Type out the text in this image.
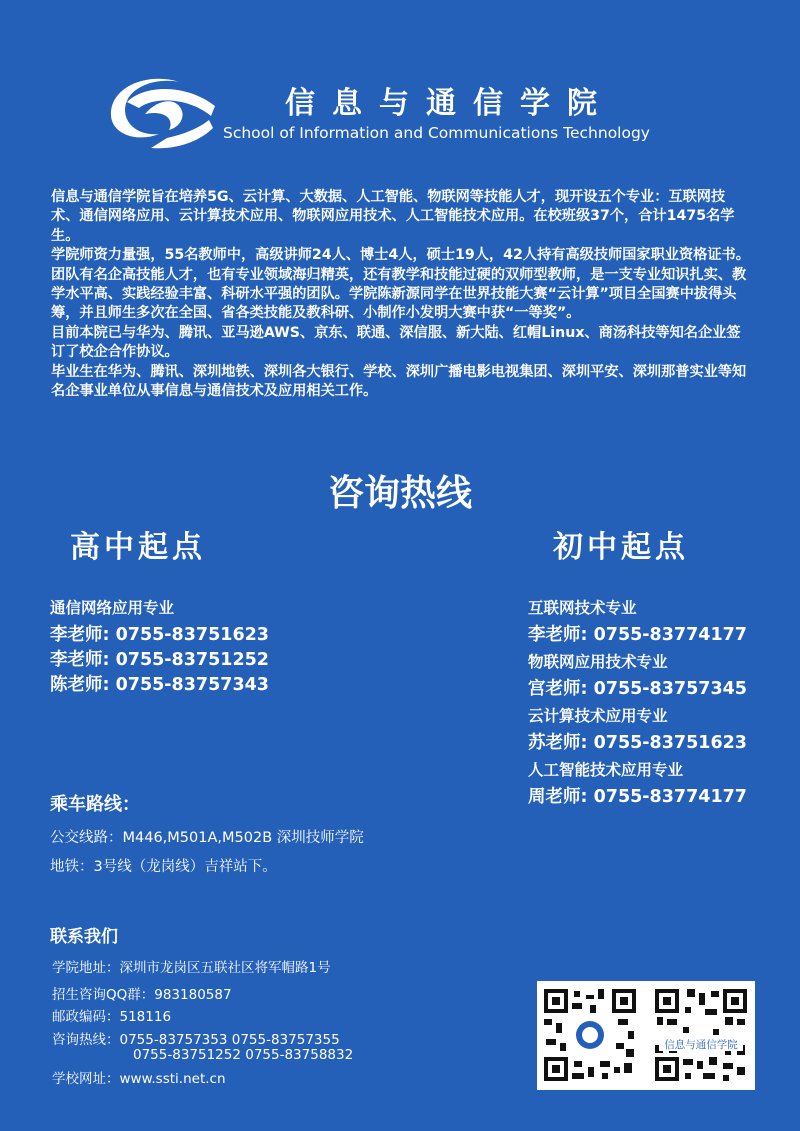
信息与通信学院
School of Information and Communications Technology

信息与通信学院旨在培养5G、云计算、大数据、人工智能、物联网等技能人才，现开设五个专业：互联网技术、通信网络应用、云计算技术应用、物联网应用技术、人工智能技术应用。在校班级37个，合计1475名学生。

学院师资力量强，55名教师中，高级讲师24人、博士4人，硕士19人，42人持有高级技师国家职业资格证书。团队有名企高技能人才，也有专业领域海归精英，还有教学和技能过硬的双师型教师，是一支专业知识扎实、教学水平高、实践经验丰富、科研水平强的团队。学院陈新源同学在世界技能大赛“云计算”项目全国赛中拔得头筹，并且师生多次在全国、省各类技能及教科研、小制作小发明大赛中获“一等奖”。

目前本院已与华为、腾讯、亚马逊AWS、京东、联通、深信服、新大陆、红帽Linux、商汤科技等知名企业签订了校企合作协议。

毕业生在华为、腾讯、深圳地铁、深圳各大银行、学校、深圳广播电影电视集团、深圳平安、深圳那普实业等知名企事业单位从事信息与通信技术及应用相关工作。

咨询热线
高中起点
通信网络应用专业
李老师: 0755-83751623
李老师: 0755-83751252
陈老师: 0755-83757343
初中起点
互联网技术专业
李老师: 0755-83774177
物联网应用技术专业
宫老师: 0755-83757345
云计算技术应用专业
苏老师: 0755-83751623
人工智能技术应用专业
周老师: 0755-83774177
乘车路线：
公交线路：M446,M501A,M502B 深圳技师学院
地铁：3号线（龙岗线）吉祥站下。
联系我们
学院地址：深圳市龙岗区五联社区将军帽路1号
招生咨询QQ群：983180587
邮政编码：518116
咨询热线：0755-83757353 0755-83757355
0755-83751252 0755-83758832
学校网址：www.ssti.net.cn
信息与通信学院
